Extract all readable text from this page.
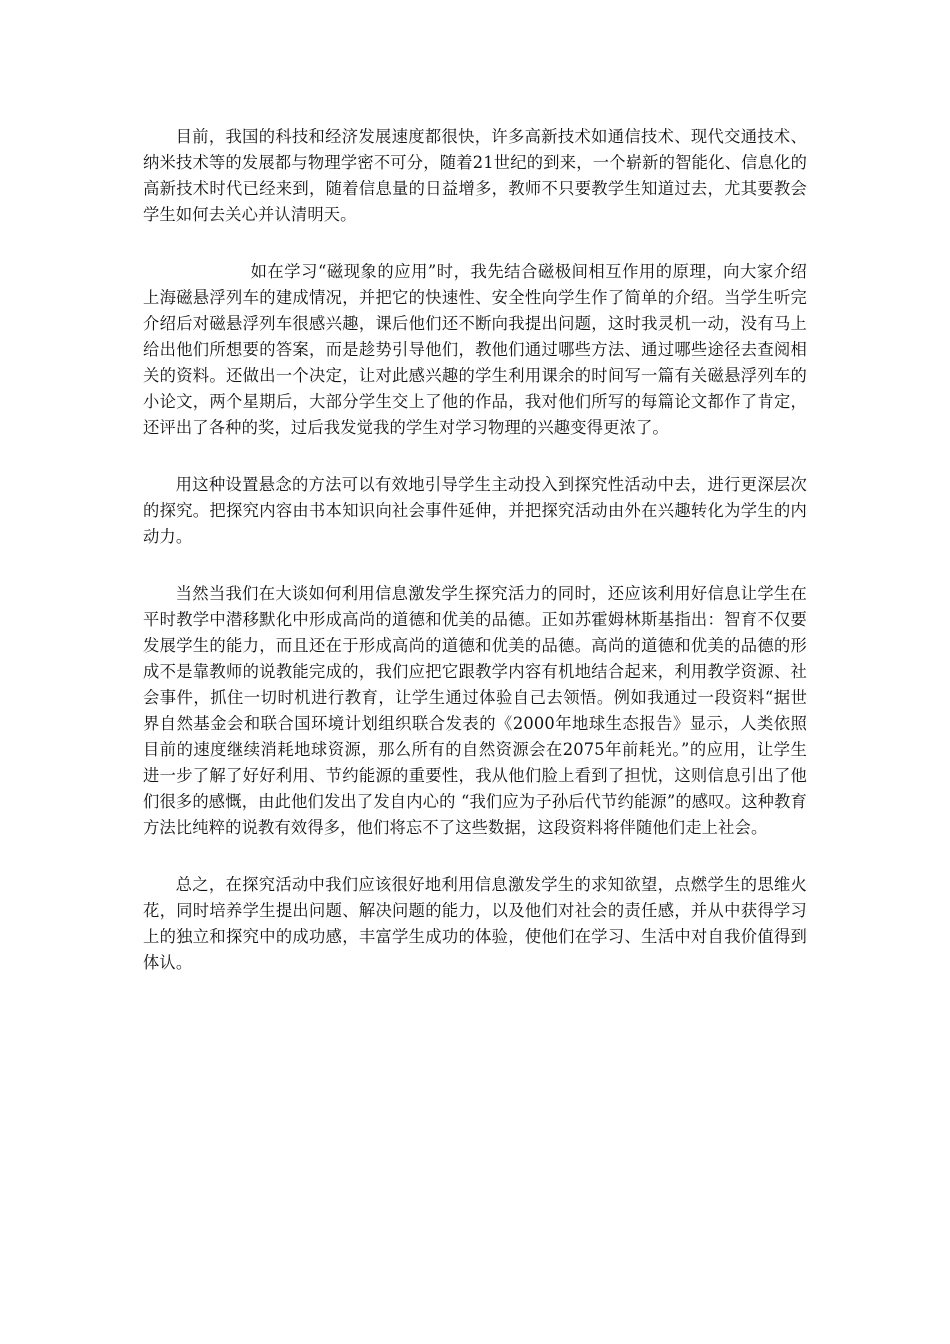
目前，我国的科技和经济发展速度都很快，许多高新技术如通信技术、现代交通技术、纳米技术等的发展都与物理学密不可分，随着21世纪的到来，一个崭新的智能化、信息化的高新技术时代已经来到，随着信息量的日益增多，教师不只要教学生知道过去，尤其要教会学生如何去关心并认清明天。

如在学习“磁现象的应用”时，我先结合磁极间相互作用的原理，向大家介绍上海磁悬浮列车的建成情况，并把它的快速性、安全性向学生作了简单的介绍。当学生听完介绍后对磁悬浮列车很感兴趣，课后他们还不断向我提出问题，这时我灵机一动，没有马上给出他们所想要的答案，而是趁势引导他们，教他们通过哪些方法、通过哪些途径去查阅相关的资料。还做出一个决定，让对此感兴趣的学生利用课余的时间写一篇有关磁悬浮列车的小论文，两个星期后，大部分学生交上了他的作品，我对他们所写的每篇论文都作了肯定，还评出了各种的奖，过后我发觉我的学生对学习物理的兴趣变得更浓了。

用这种设置悬念的方法可以有效地引导学生主动投入到探究性活动中去，进行更深层次的探究。把探究内容由书本知识向社会事件延伸，并把探究活动由外在兴趣转化为学生的内动力。

当然当我们在大谈如何利用信息激发学生探究活力的同时，还应该利用好信息让学生在平时教学中潜移默化中形成高尚的道德和优美的品德。正如苏霍姆林斯基指出：智育不仅要发展学生的能力，而且还在于形成高尚的道德和优美的品德。高尚的道德和优美的品德的形成不是靠教师的说教能完成的，我们应把它跟教学内容有机地结合起来，利用教学资源、社会事件，抓住一切时机进行教育，让学生通过体验自己去领悟。例如我通过一段资料“据世界自然基金会和联合国环境计划组织联合发表的《2000年地球生态报告》显示，人类依照目前的速度继续消耗地球资源，那么所有的自然资源会在2075年前耗光。”的应用，让学生进一步了解了好好利用、节约能源的重要性，我从他们脸上看到了担忧，这则信息引出了他们很多的感慨，由此他们发出了发自内心的 “我们应为子孙后代节约能源”的感叹。这种教育方法比纯粹的说教有效得多，他们将忘不了这些数据，这段资料将伴随他们走上社会。

总之，在探究活动中我们应该很好地利用信息激发学生的求知欲望，点燃学生的思维火花，同时培养学生提出问题、解决问题的能力，以及他们对社会的责任感，并从中获得学习上的独立和探究中的成功感，丰富学生成功的体验，使他们在学习、生活中对自我价值得到体认。
